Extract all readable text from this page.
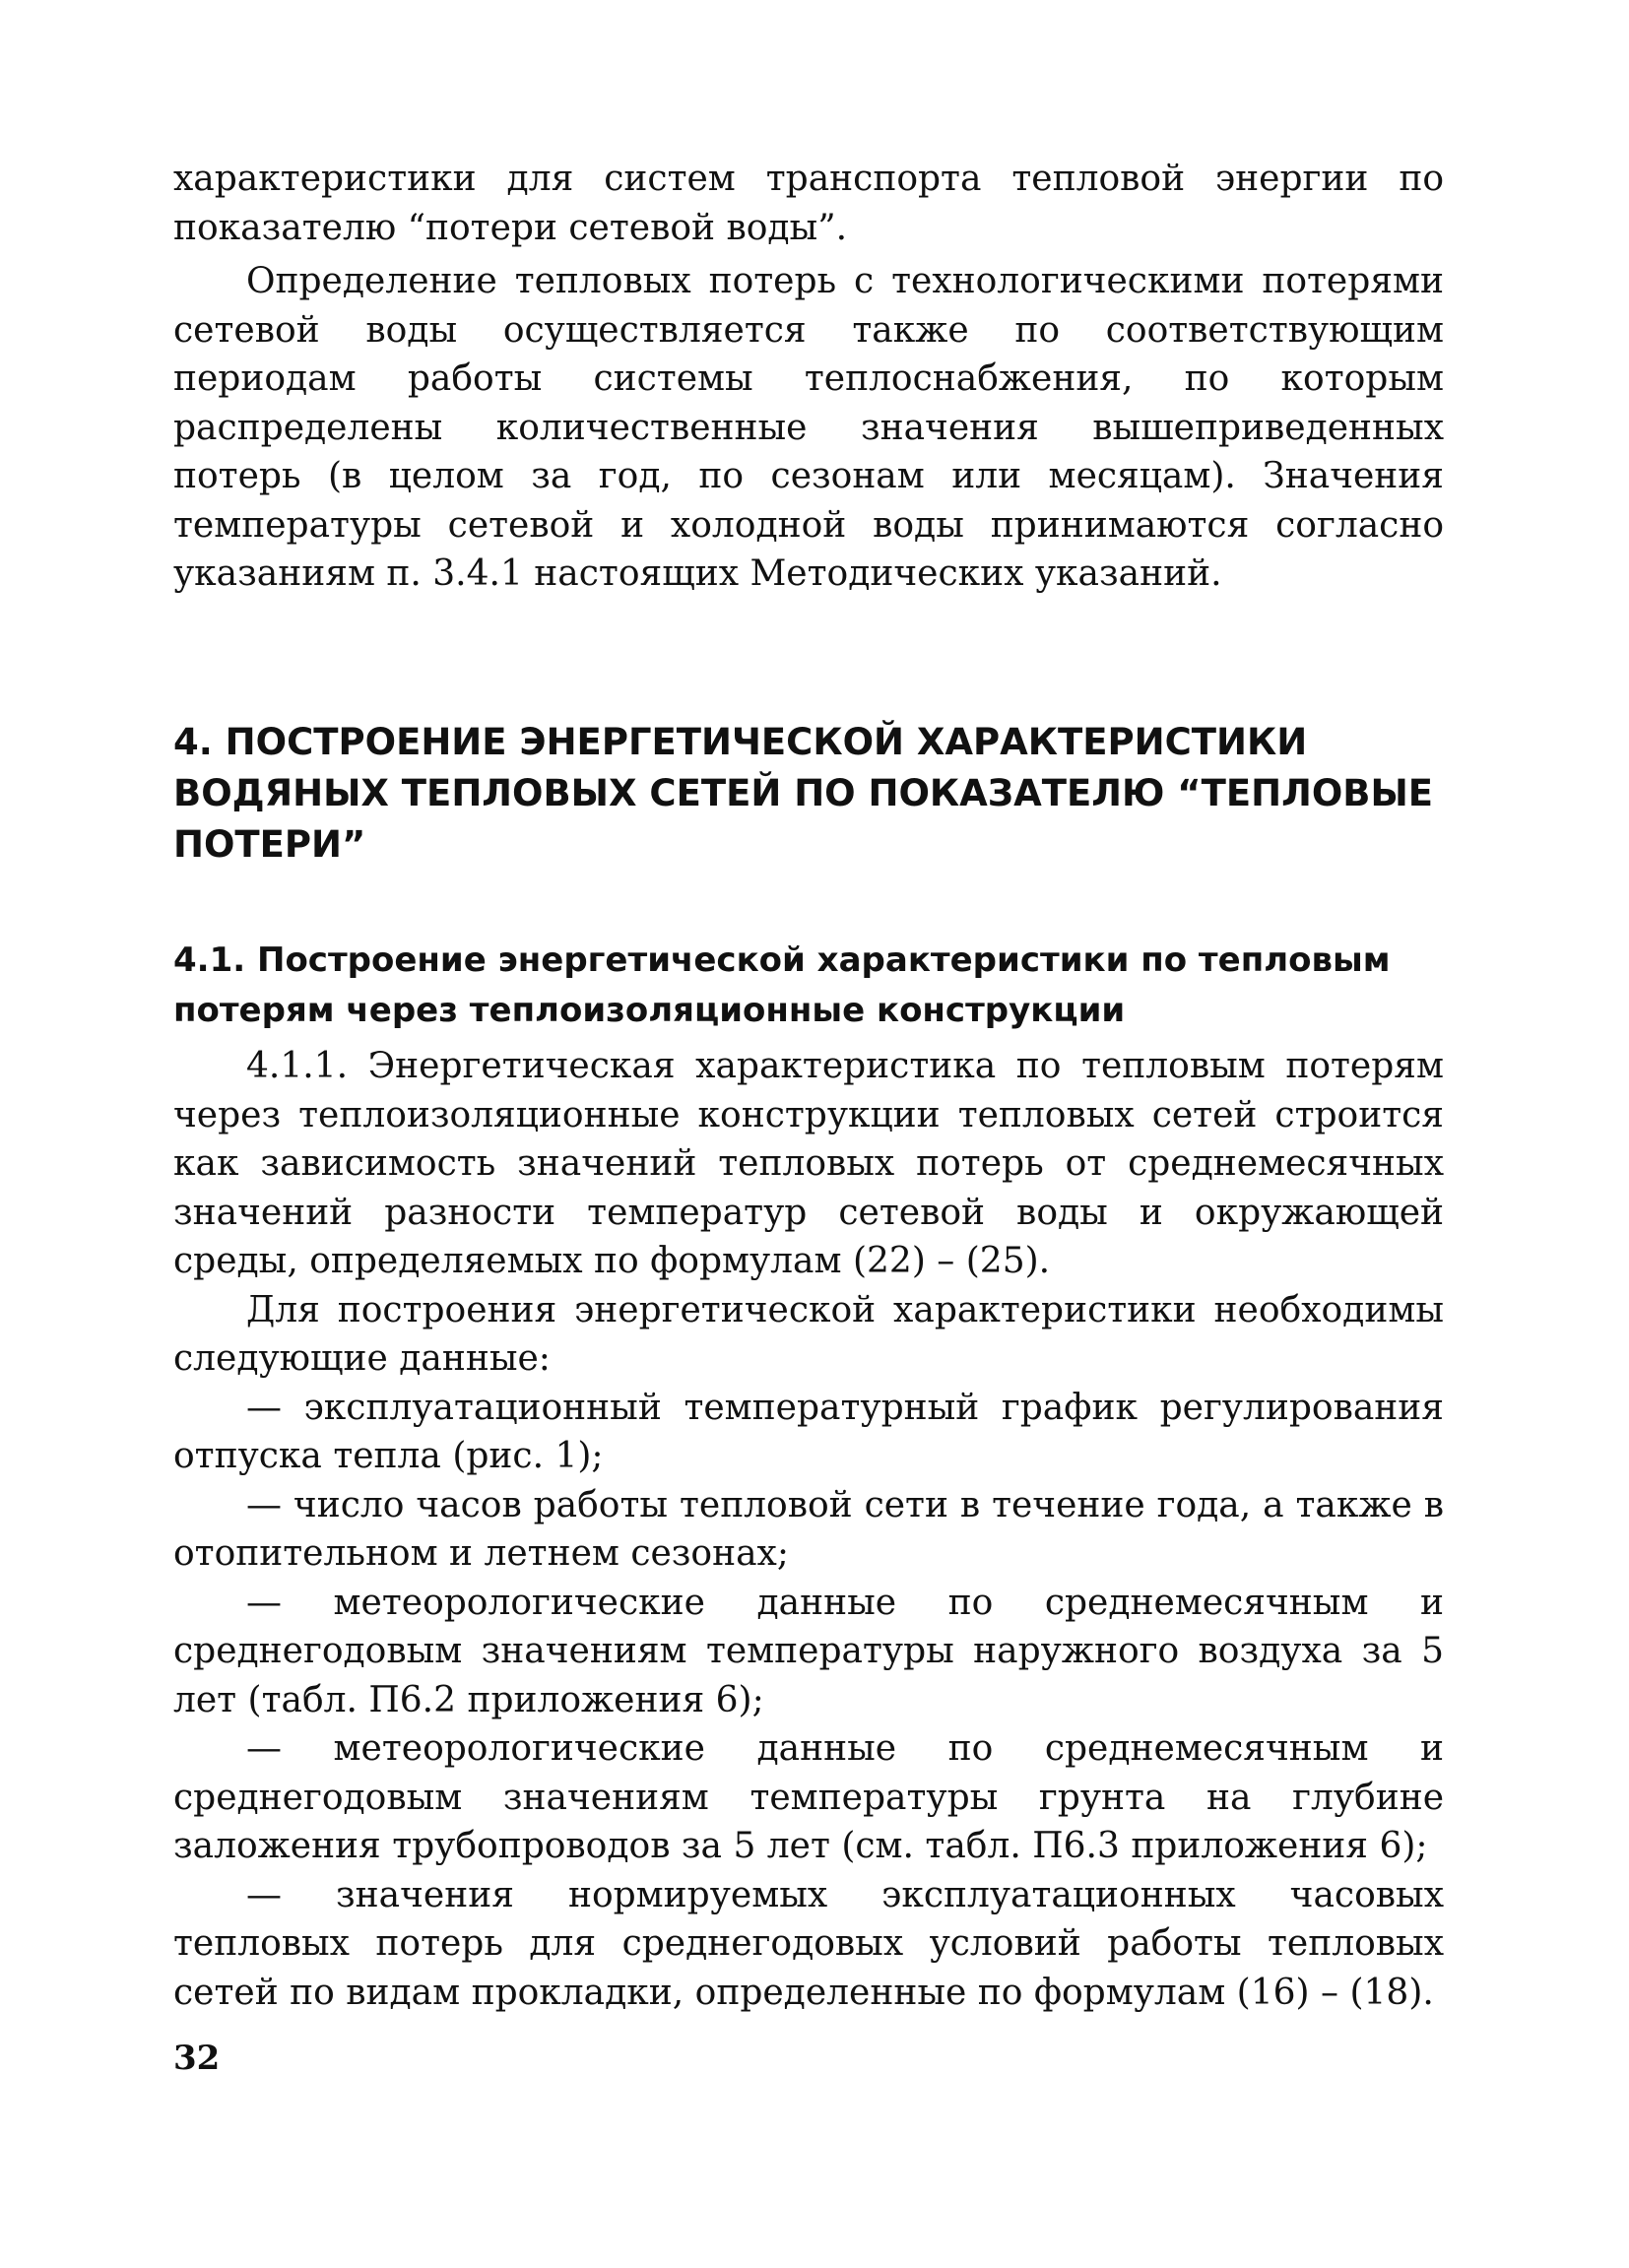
характеристики для систем транспорта тепловой энергии по показателю “потери сетевой воды”.

Определение тепловых потерь с технологическими потерями сетевой воды осуществляется также по соответствующим периодам работы системы теплоснабжения, по которым распределены количественные значения вышеприведенных потерь (в целом за год, по сезонам или месяцам). Значения температуры сетевой и холодной воды принимаются согласно указаниям п. 3.4.1 настоящих Методических указаний.

4. ПОСТРОЕНИЕ ЭНЕРГЕТИЧЕСКОЙ ХАРАКТЕРИСТИКИ ВОДЯНЫХ ТЕПЛОВЫХ СЕТЕЙ ПО ПОКАЗАТЕЛЮ “ТЕПЛОВЫЕ ПОТЕРИ”
4.1. Построение энергетической характеристики по тепловым потерям через теплоизоляционные конструкции

4.1.1. Энергетическая характеристика по тепловым потерям через теплоизоляционные конструкции тепловых сетей строится как зависимость значений тепловых потерь от среднемесячных значений разности температур сетевой воды и окружающей среды, определяемых по формулам (22) – (25).

Для построения энергетической характеристики необходимы следующие данные:

— эксплуатационный температурный график регулирования отпуска тепла (рис. 1);

— число часов работы тепловой сети в течение года, а также в отопительном и летнем сезонах;

— метеорологические данные по среднемесячным и среднегодовым значениям температуры наружного воздуха за 5 лет (табл. П6.2 приложения 6);

— метеорологические данные по среднемесячным и среднегодовым значениям температуры грунта на глубине заложения трубопроводов за 5 лет (см. табл. П6.3 приложения 6);

— значения нормируемых эксплуатационных часовых тепловых потерь для среднегодовых условий работы тепловых сетей по видам прокладки, определенные по формулам (16) – (18).

32
